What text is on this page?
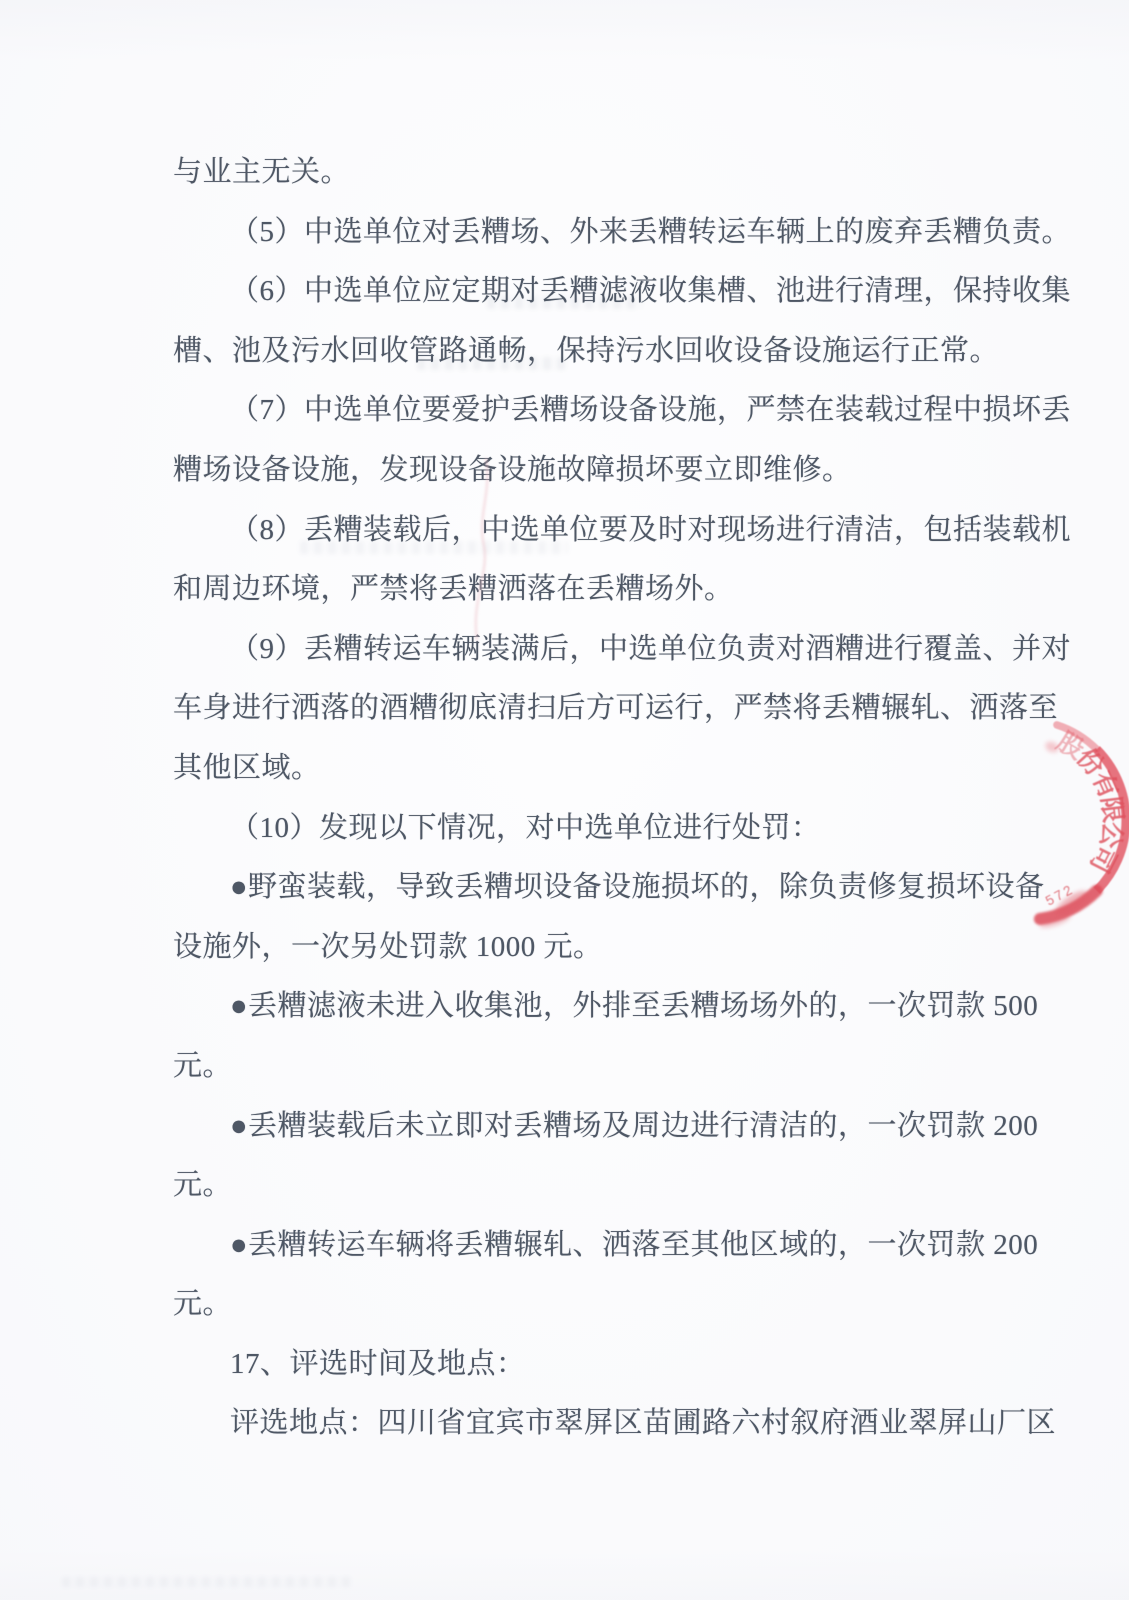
与业主无关。
（5）中选单位对丢糟场、外来丢糟转运车辆上的废弃丢糟负责。
（6）中选单位应定期对丢糟滤液收集槽、池进行清理，保持收集
槽、池及污水回收管路通畅，保持污水回收设备设施运行正常。
（7）中选单位要爱护丢糟场设备设施，严禁在装载过程中损坏丢
糟场设备设施，发现设备设施故障损坏要立即维修。
（8）丢糟装载后，中选单位要及时对现场进行清洁，包括装载机
和周边环境，严禁将丢糟洒落在丢糟场外。
（9）丢糟转运车辆装满后，中选单位负责对酒糟进行覆盖、并对
车身进行洒落的酒糟彻底清扫后方可运行，严禁将丢糟辗轧、洒落至
其他区域。
（10）发现以下情况，对中选单位进行处罚：
●野蛮装载，导致丢糟坝设备设施损坏的，除负责修复损坏设备
设施外，一次另处罚款 1000 元。
●丢糟滤液未进入收集池，外排至丢糟场场外的，一次罚款 500
元。
●丢糟装载后未立即对丢糟场及周边进行清洁的，一次罚款 200
元。
●丢糟转运车辆将丢糟辗轧、洒落至其他区域的，一次罚款 200
元。
17、评选时间及地点：
评选地点：四川省宜宾市翠屏区苗圃路六村叙府酒业翠屏山厂区
股
份
有
限
公
司
572
